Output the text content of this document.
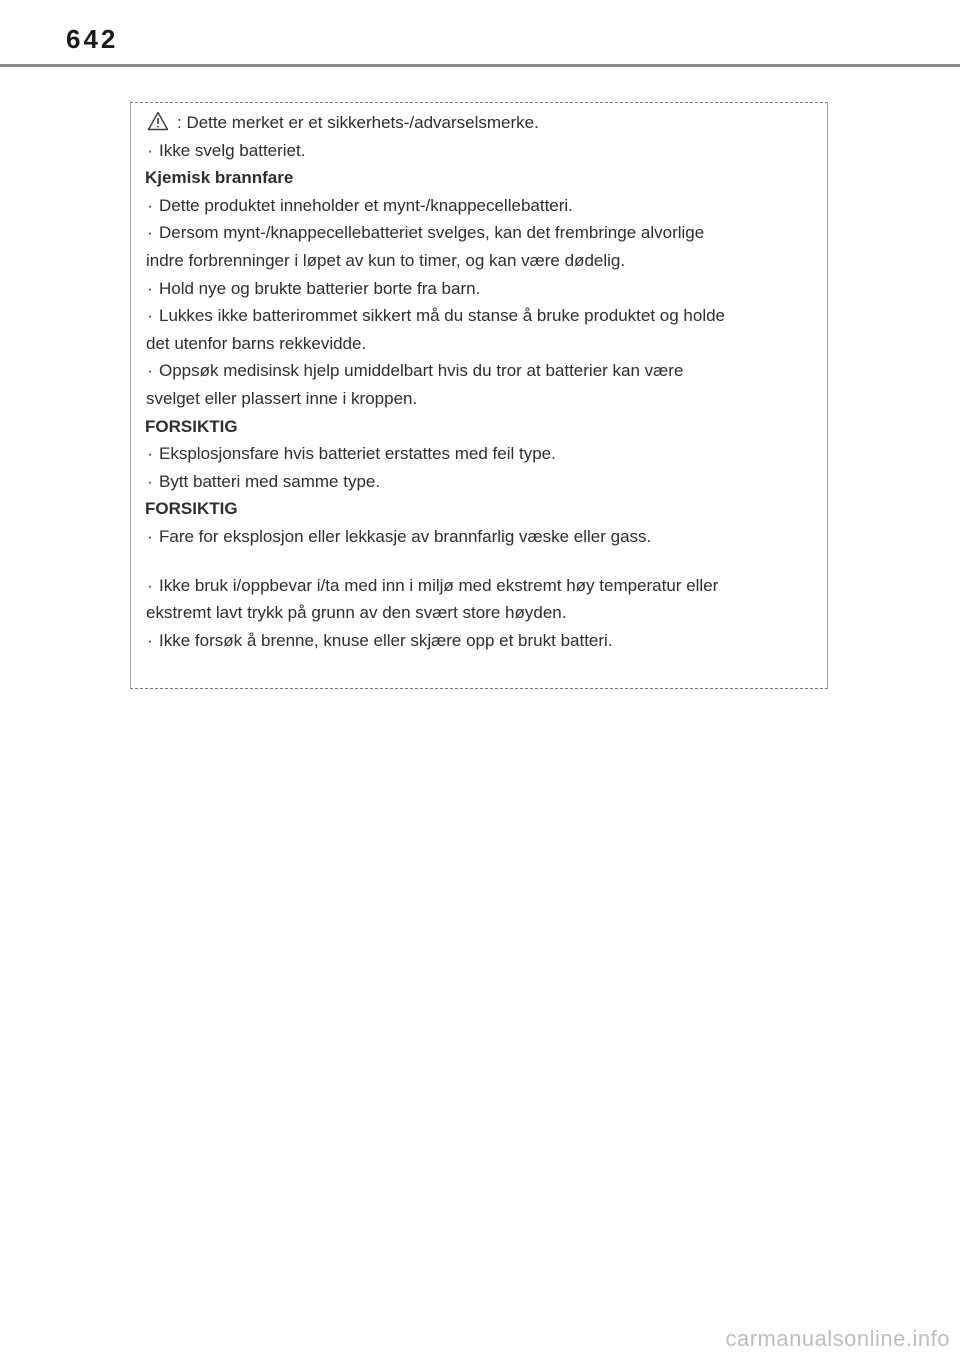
642
: Dette merket er et sikkerhets-/advarselsmerke.
· Ikke svelg batteriet.
Kjemisk brannfare
· Dette produktet inneholder et mynt-/knappecellebatteri.
· Dersom mynt-/knappecellebatteriet svelges, kan det frembringe alvorlige
indre forbrenninger i løpet av kun to timer, og kan være dødelig.
· Hold nye og brukte batterier borte fra barn.
· Lukkes ikke batterirommet sikkert må du stanse å bruke produktet og holde
det utenfor barns rekkevidde.
· Oppsøk medisinsk hjelp umiddelbart hvis du tror at batterier kan være
svelget eller plassert inne i kroppen.
FORSIKTIG
· Eksplosjonsfare hvis batteriet erstattes med feil type.
· Bytt batteri med samme type.
FORSIKTIG
· Fare for eksplosjon eller lekkasje av brannfarlig væske eller gass.
· Ikke bruk i/oppbevar i/ta med inn i miljø med ekstremt høy temperatur eller
ekstremt lavt trykk på grunn av den svært store høyden.
· Ikke forsøk å brenne, knuse eller skjære opp et brukt batteri.
carmanualsonline.info
